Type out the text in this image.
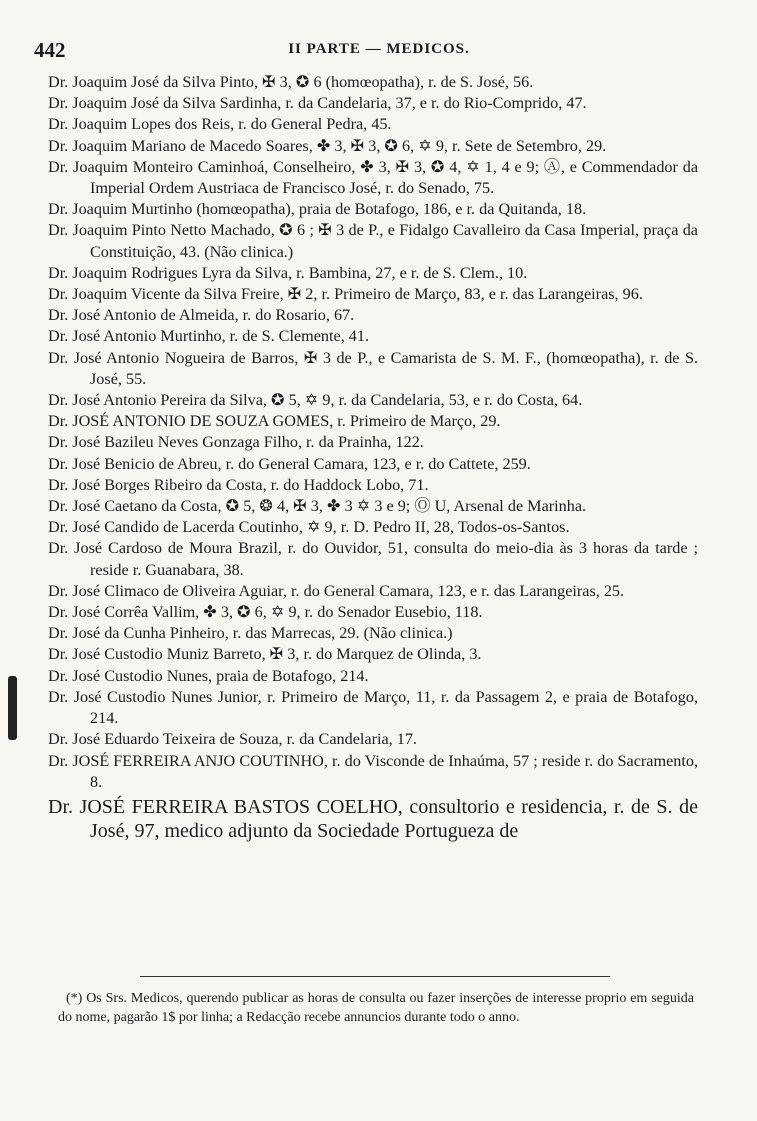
442	II PARTE — MEDICOS.

Dr. Joaquim José da Silva Pinto, ✠ 3, ✪ 6 (homœopatha), r. de S. José, 56.

Dr. Joaquim José da Silva Sardinha, r. da Candelaria, 37, e r. do Rio-Comprido, 47.

Dr. Joaquim Lopes dos Reis, r. do General Pedra, 45.

Dr. Joaquim Mariano de Macedo Soares, ✤ 3, ✠ 3, ✪ 6, ✡ 9, r. Sete de Setembro, 29.

Dr. Joaquim Monteiro Caminhoá, Conselheiro, ✤ 3, ✠ 3, ✪ 4, ✡ 1, 4 e 9; Ⓐ, e Commendador da Imperial Ordem Austriaca de Francisco José, r. do Senado, 75.

Dr. Joaquim Murtinho (homœopatha), praia de Botafogo, 186, e r. da Quitanda, 18.

Dr. Joaquim Pinto Netto Machado, ✪ 6 ; ✠ 3 de P., e Fidalgo Cavalleiro da Casa Imperial, praça da Constituição, 43. (Não clinica.)

Dr. Joaquim Rodrigues Lyra da Silva, r. Bambina, 27, e r. de S. Clem., 10.

Dr. Joaquim Vicente da Silva Freire, ✠ 2, r. Primeiro de Março, 83, e r. das Larangeiras, 96.

Dr. José Antonio de Almeida, r. do Rosario, 67.

Dr. José Antonio Murtinho, r. de S. Clemente, 41.

Dr. José Antonio Nogueira de Barros, ✠ 3 de P., e Camarista de S. M. F., (homœopatha), r. de S. José, 55.

Dr. José Antonio Pereira da Silva, ✪ 5, ✡ 9, r. da Candelaria, 53, e r. do Costa, 64.

Dr. JOSÉ ANTONIO DE SOUZA GOMES, r. Primeiro de Março, 29.

Dr. José Bazileu Neves Gonzaga Filho, r. da Prainha, 122.

Dr. José Benicio de Abreu, r. do General Camara, 123, e r. do Cattete, 259.

Dr. José Borges Ribeiro da Costa, r. do Haddock Lobo, 71.

Dr. José Caetano da Costa, ✪ 5, ❂ 4, ✠ 3, ✤ 3 ✡ 3 e 9; Ⓞ U, Arsenal de Marinha.

Dr. José Candido de Lacerda Coutinho, ✡ 9, r. D. Pedro II, 28, Todos-os-Santos.

Dr. José Cardoso de Moura Brazil, r. do Ouvidor, 51, consulta do meio-dia às 3 horas da tarde ; reside r. Guanabara, 38.

Dr. José Climaco de Oliveira Aguiar, r. do General Camara, 123, e r. das Larangeiras, 25.

Dr. José Corrêa Vallim, ✤ 3, ✪ 6, ✡ 9, r. do Senador Eusebio, 118.

Dr. José da Cunha Pinheiro, r. das Marrecas, 29. (Não clinica.)

Dr. José Custodio Muniz Barreto, ✠ 3, r. do Marquez de Olinda, 3.

Dr. José Custodio Nunes, praia de Botafogo, 214.

Dr. José Custodio Nunes Junior, r. Primeiro de Março, 11, r. da Passagem 2, e praia de Botafogo, 214.

Dr. José Eduardo Teixeira de Souza, r. da Candelaria, 17.

Dr. JOSÉ FERREIRA ANJO COUTINHO, r. do Visconde de Inhaúma, 57 ; reside r. do Sacramento, 8.

Dr. JOSÉ FERREIRA BASTOS COELHO, consultorio e residencia, r. de S. de José, 97, medico adjunto da Sociedade Portugueza de

(*) Os Srs. Medicos, querendo publicar as horas de consulta ou fazer inserções de interesse proprio em seguida do nome, pagarão 1$ por linha; a Redacção recebe annuncios durante todo o anno.
